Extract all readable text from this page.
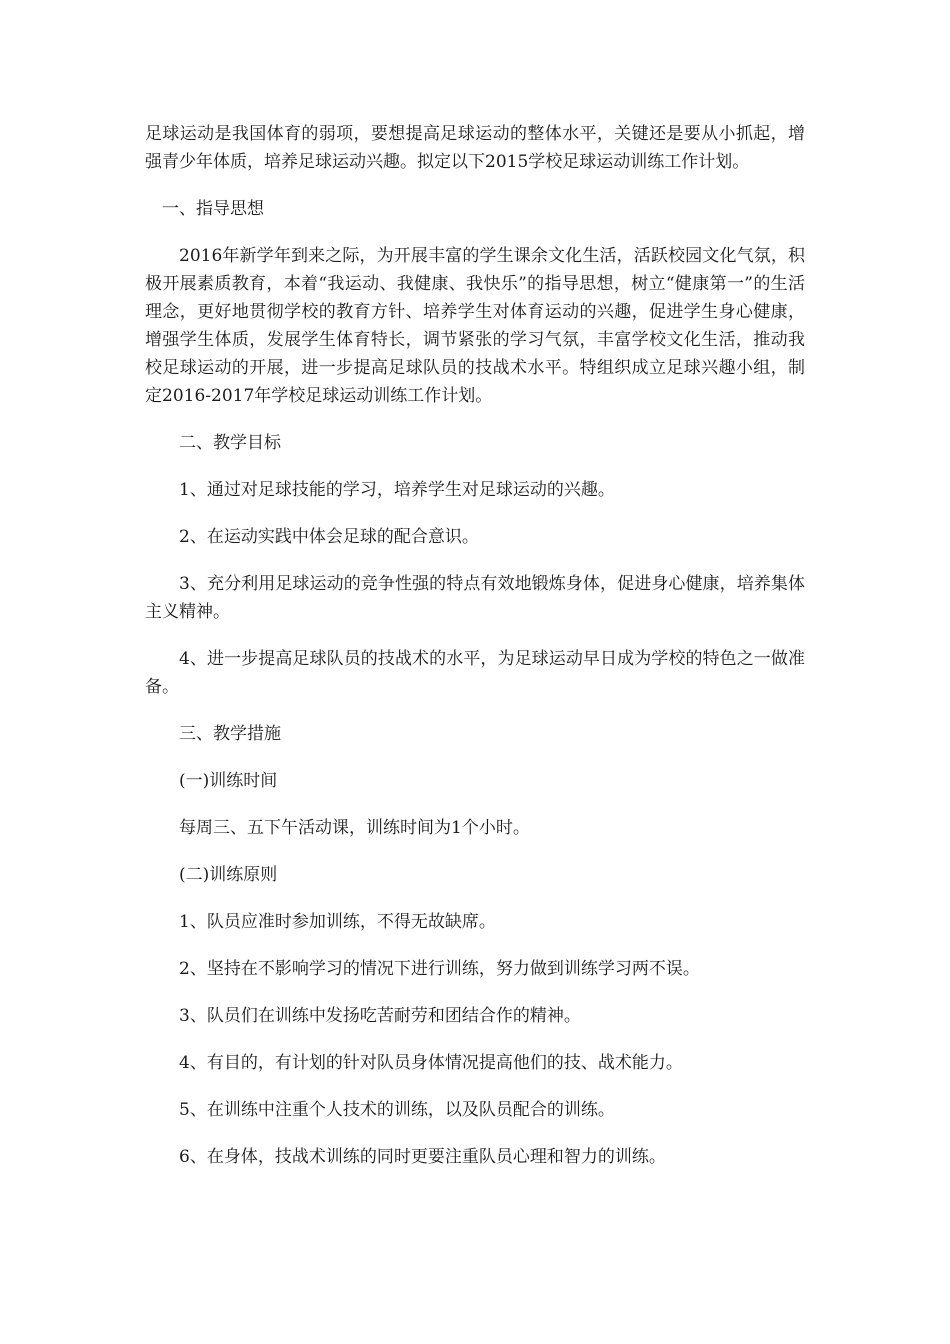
足球运动是我国体育的弱项，要想提高足球运动的整体水平，关键还是要从小抓起，增强青少年体质，培养足球运动兴趣。拟定以下2015学校足球运动训练工作计划。

一、指导思想

2016年新学年到来之际，为开展丰富的学生课余文化生活，活跃校园文化气氛，积极开展素质教育，本着“我运动、我健康、我快乐”的指导思想，树立“健康第一”的生活理念，更好地贯彻学校的教育方针、培养学生对体育运动的兴趣，促进学生身心健康，增强学生体质，发展学生体育特长，调节紧张的学习气氛，丰富学校文化生活，推动我校足球运动的开展，进一步提高足球队员的技战术水平。特组织成立足球兴趣小组，制定2016-2017年学校足球运动训练工作计划。

二、教学目标

1、通过对足球技能的学习，培养学生对足球运动的兴趣。

2、在运动实践中体会足球的配合意识。

3、充分利用足球运动的竞争性强的特点有效地锻炼身体，促进身心健康，培养集体主义精神。

4、进一步提高足球队员的技战术的水平，为足球运动早日成为学校的特色之一做准备。

三、教学措施

(一)训练时间

每周三、五下午活动课，训练时间为1个小时。

(二)训练原则

1、队员应准时参加训练，不得无故缺席。

2、坚持在不影响学习的情况下进行训练，努力做到训练学习两不误。

3、队员们在训练中发扬吃苦耐劳和团结合作的精神。

4、有目的，有计划的针对队员身体情况提高他们的技、战术能力。

5、在训练中注重个人技术的训练，以及队员配合的训练。

6、在身体，技战术训练的同时更要注重队员心理和智力的训练。
